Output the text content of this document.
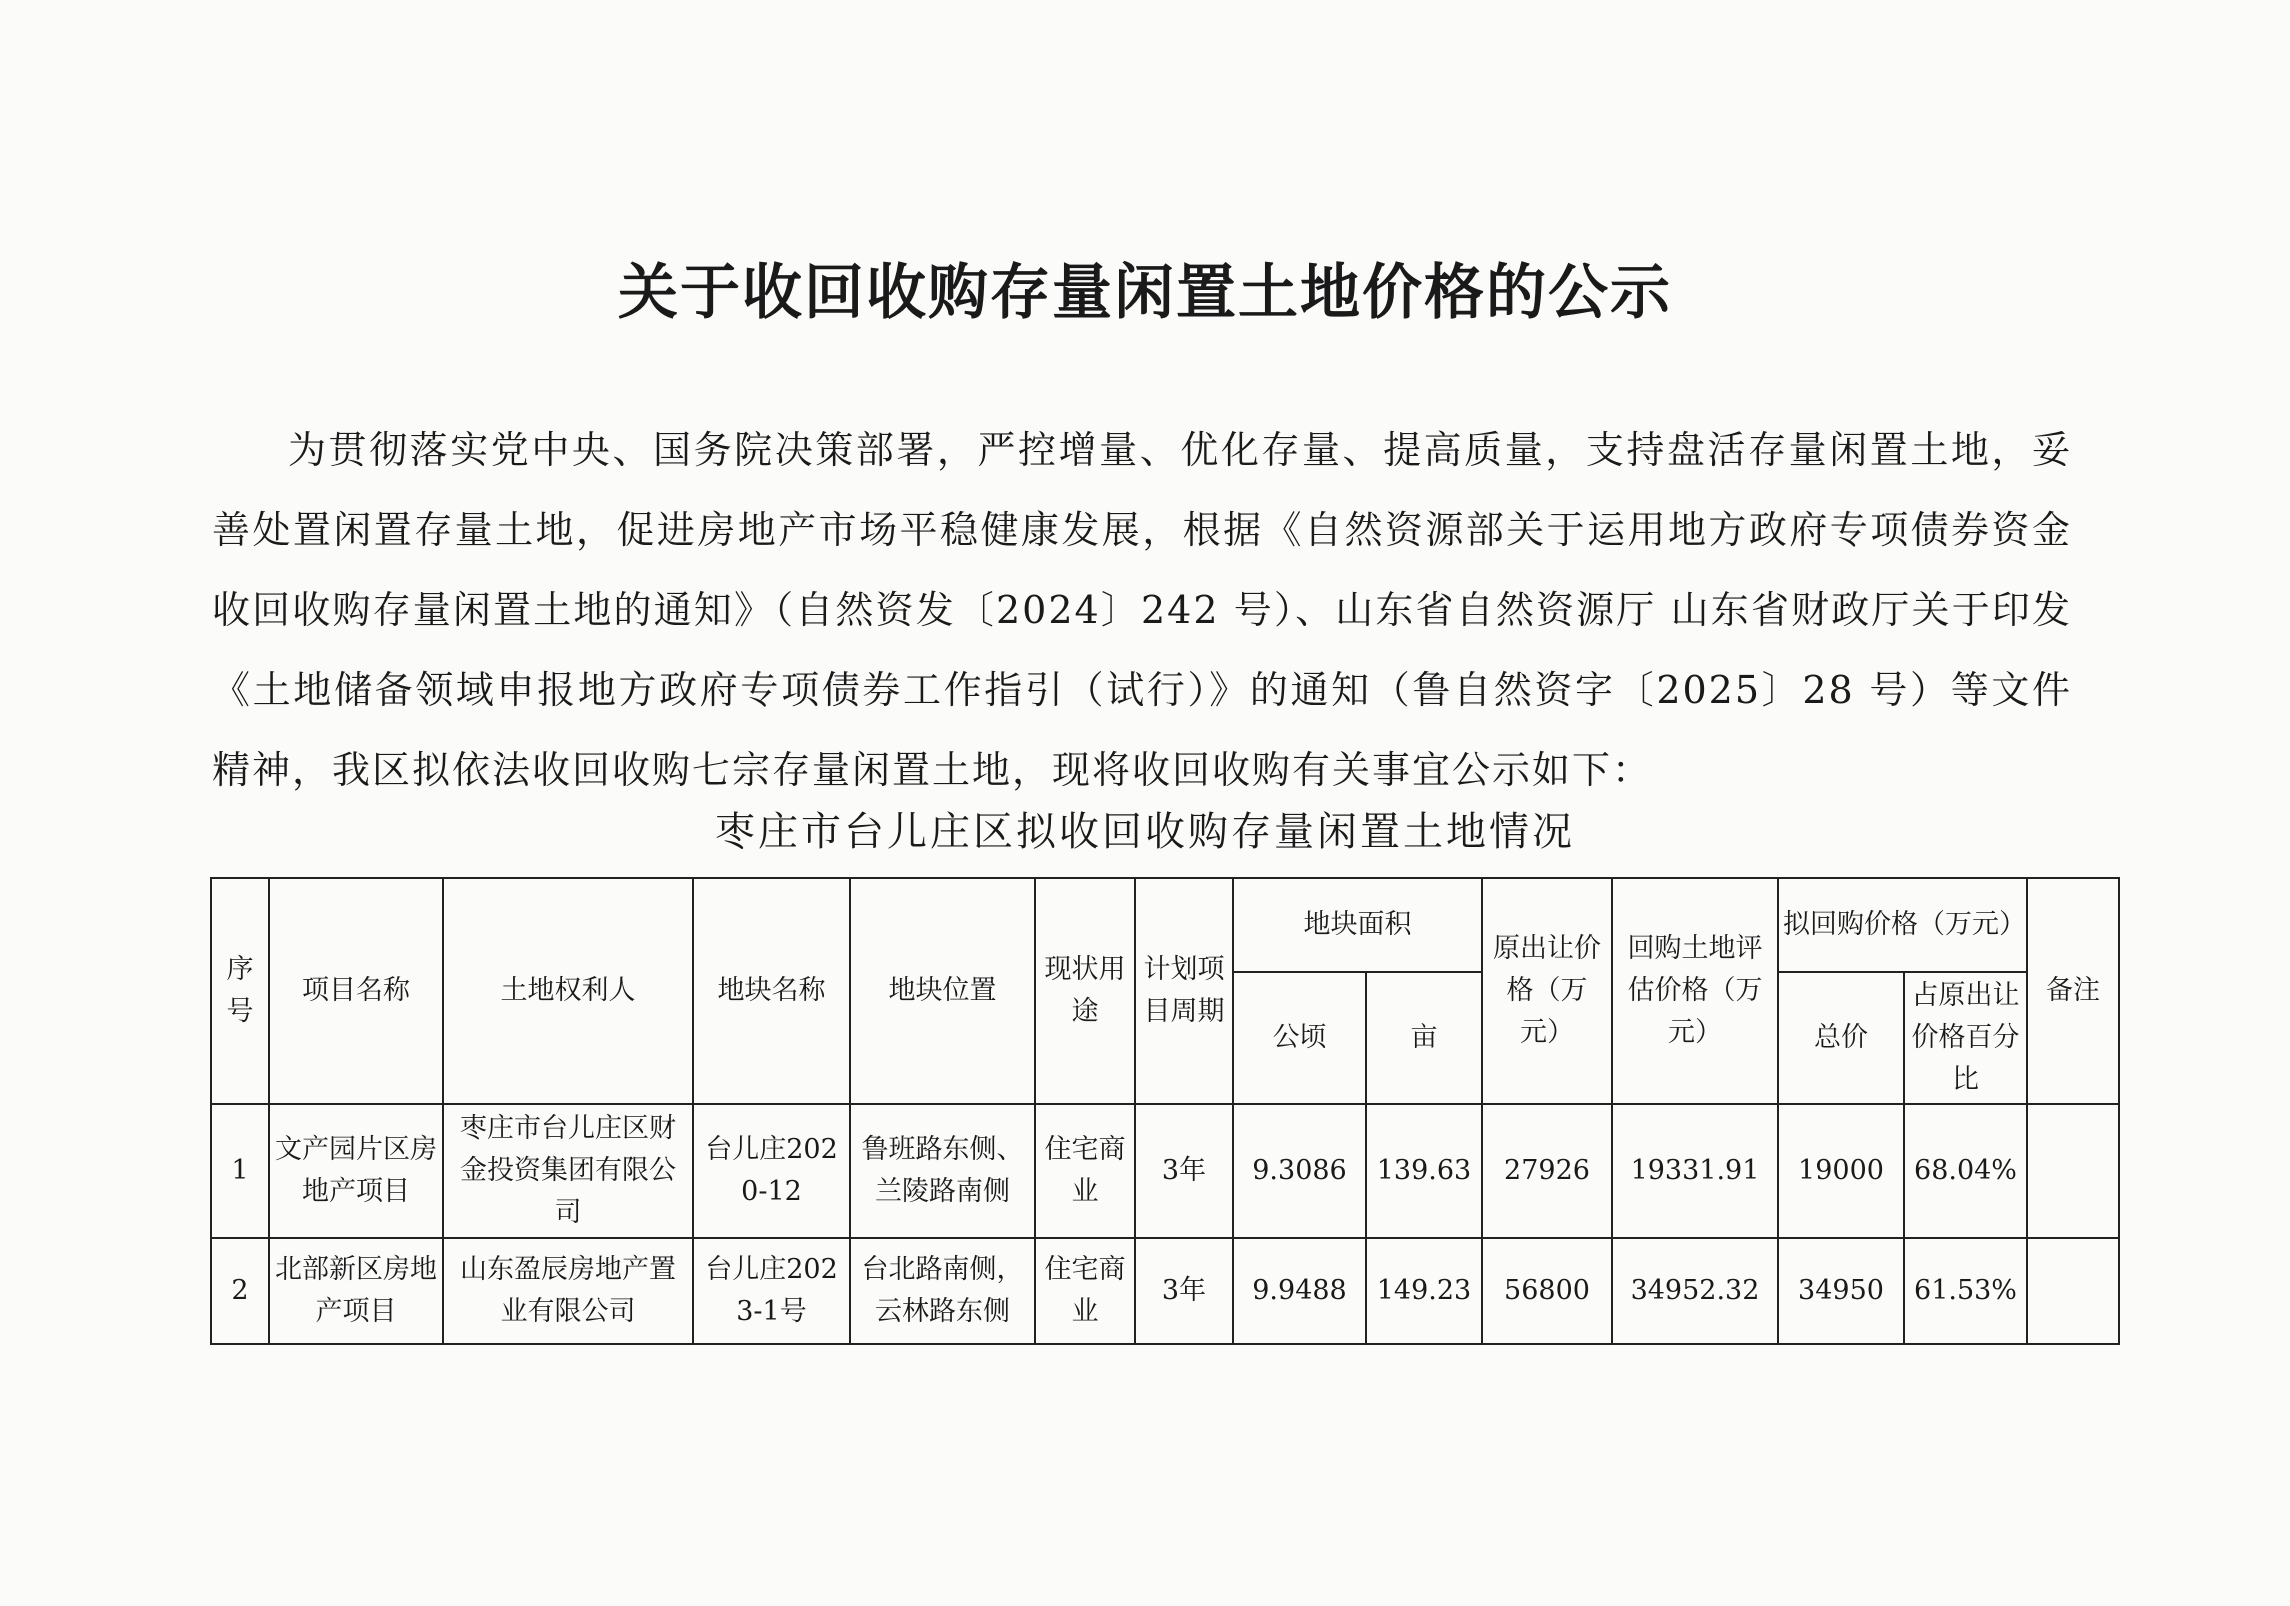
关于收回收购存量闲置土地价格的公示

为贯彻落实党中央、国务院决策部署，严控增量、优化存量、提高质量，支持盘活存量闲置土地，妥善处置闲置存量土地，促进房地产市场平稳健康发展，根据《自然资源部关于运用地方政府专项债券资金收回收购存量闲置土地的通知》（自然资发〔2024〕242 号）、山东省自然资源厅 山东省财政厅关于印发《土地储备领域申报地方政府专项债券工作指引（试行）》的通知（鲁自然资字〔2025〕28 号）等文件精神，我区拟依法收回收购七宗存量闲置土地，现将收回收购有关事宜公示如下：

枣庄市台儿庄区拟收回收购存量闲置土地情况
序号	项目名称	土地权利人	地块名称	地块位置	现状用途	计划项目周期	地块面积		原出让价格（万元）	回购土地评估价格（万元）	拟回购价格（万元）		备注
							公顷	亩			总价	占原出让价格百分比	
1	文产园片区房地产项目	枣庄市台儿庄区财金投资集团有限公司	台儿庄2020-12	鲁班路东侧、兰陵路南侧	住宅商业	3年	9.3086	139.63	27926	19331.91	19000	68.04%	
2	北部新区房地产项目	山东盈辰房地产置业有限公司	台儿庄2023-1号	台北路南侧，云林路东侧	住宅商业	3年	9.9488	149.23	56800	34952.32	34950	61.53%	
